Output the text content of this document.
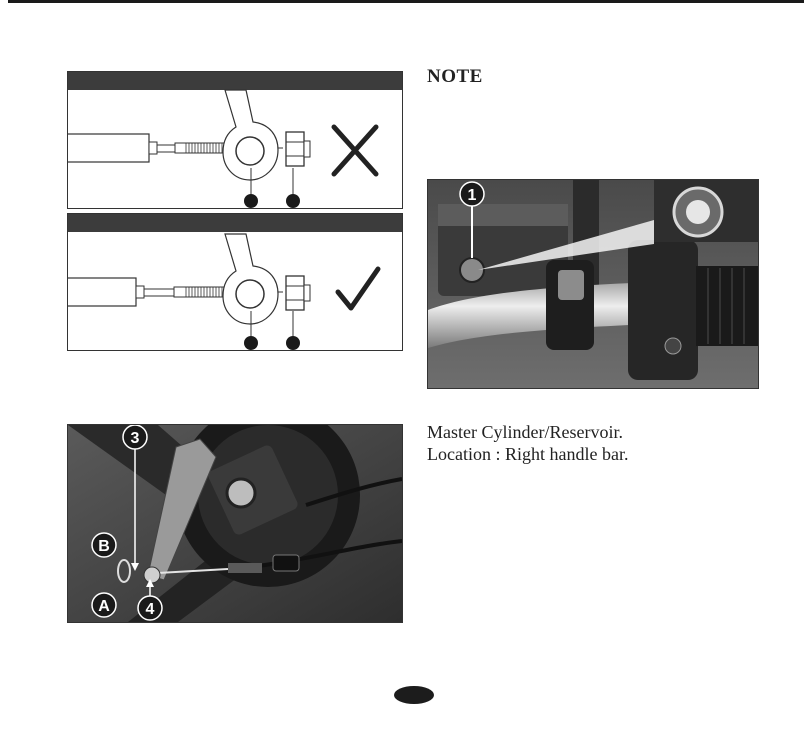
NOTE
1
3
B
A 4
Master Cylinder/Reservoir.
Location : Right handle bar.
